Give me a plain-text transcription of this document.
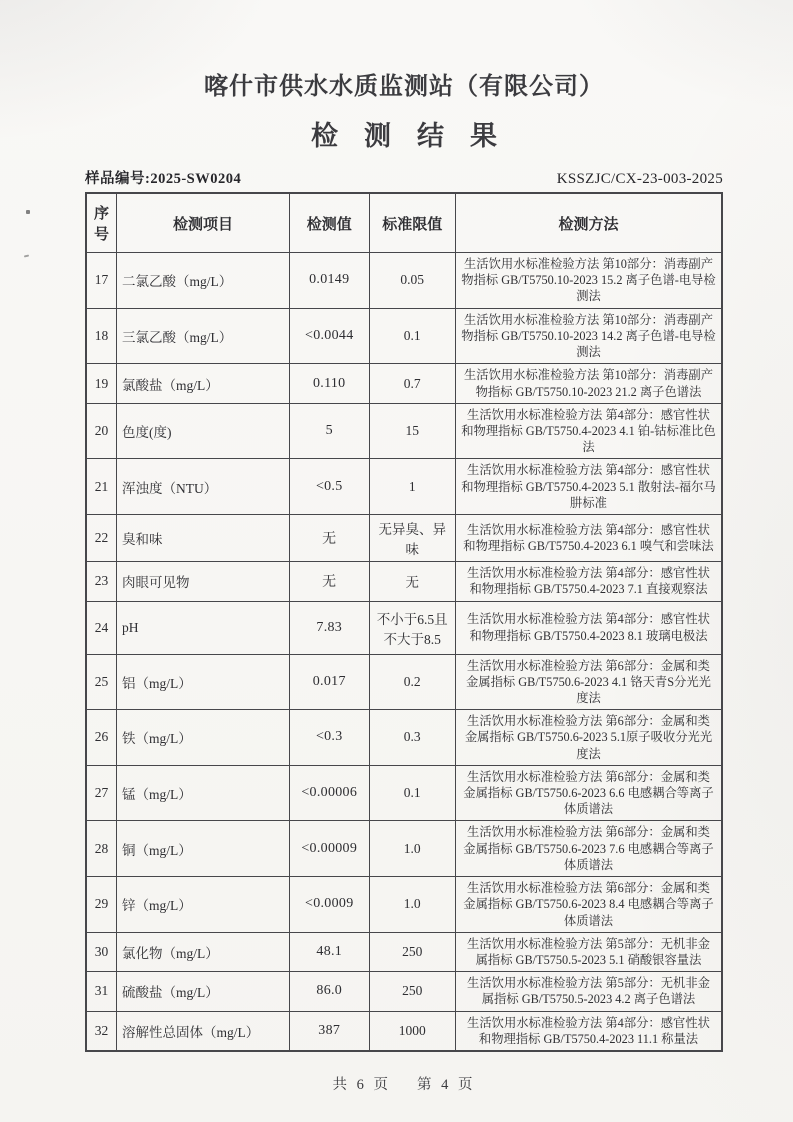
喀什市供水水质监测站（有限公司）
检测结果
样品编号:2025-SW0204	KSSZJC/CX-23-003-2025
序号	检测项目	检测值	标准限值	检测方法
17	二氯乙酸（mg/L）	0.0149	0.05	生活饮用水标准检验方法 第10部分：消毒副产物指标 GB/T5750.10-2023 15.2 离子色谱-电导检测法
18	三氯乙酸（mg/L）	<0.0044	0.1	生活饮用水标准检验方法 第10部分：消毒副产物指标 GB/T5750.10-2023 14.2 离子色谱-电导检测法
19	氯酸盐（mg/L）	0.110	0.7	生活饮用水标准检验方法 第10部分：消毒副产物指标 GB/T5750.10-2023 21.2 离子色谱法
20	色度(度)	5	15	生活饮用水标准检验方法 第4部分：感官性状和物理指标 GB/T5750.4-2023 4.1 铂-钴标准比色法
21	浑浊度（NTU）	<0.5	1	生活饮用水标准检验方法 第4部分：感官性状和物理指标 GB/T5750.4-2023 5.1 散射法-福尔马肼标准
22	臭和味	无	无异臭、异味	生活饮用水标准检验方法 第4部分：感官性状和物理指标 GB/T5750.4-2023 6.1 嗅气和尝味法
23	肉眼可见物	无	无	生活饮用水标准检验方法 第4部分：感官性状和物理指标 GB/T5750.4-2023 7.1 直接观察法
24	pH	7.83	不小于6.5且不大于8.5	生活饮用水标准检验方法 第4部分：感官性状和物理指标 GB/T5750.4-2023 8.1 玻璃电极法
25	铝（mg/L）	0.017	0.2	生活饮用水标准检验方法 第6部分：金属和类金属指标 GB/T5750.6-2023 4.1 铬天青S分光光度法
26	铁（mg/L）	<0.3	0.3	生活饮用水标准检验方法 第6部分：金属和类金属指标 GB/T5750.6-2023 5.1原子吸收分光光度法
27	锰（mg/L）	<0.00006	0.1	生活饮用水标准检验方法 第6部分：金属和类金属指标 GB/T5750.6-2023 6.6 电感耦合等离子体质谱法
28	铜（mg/L）	<0.00009	1.0	生活饮用水标准检验方法 第6部分：金属和类金属指标 GB/T5750.6-2023 7.6 电感耦合等离子体质谱法
29	锌（mg/L）	<0.0009	1.0	生活饮用水标准检验方法 第6部分：金属和类金属指标 GB/T5750.6-2023 8.4 电感耦合等离子体质谱法
30	氯化物（mg/L）	48.1	250	生活饮用水标准检验方法 第5部分：无机非金属指标 GB/T5750.5-2023 5.1 硝酸银容量法
31	硫酸盐（mg/L）	86.0	250	生活饮用水标准检验方法 第5部分：无机非金属指标 GB/T5750.5-2023 4.2 离子色谱法
32	溶解性总固体（mg/L）	387	1000	生活饮用水标准检验方法 第4部分：感官性状和物理指标 GB/T5750.4-2023 11.1 称量法
共 6 页 第 4 页
